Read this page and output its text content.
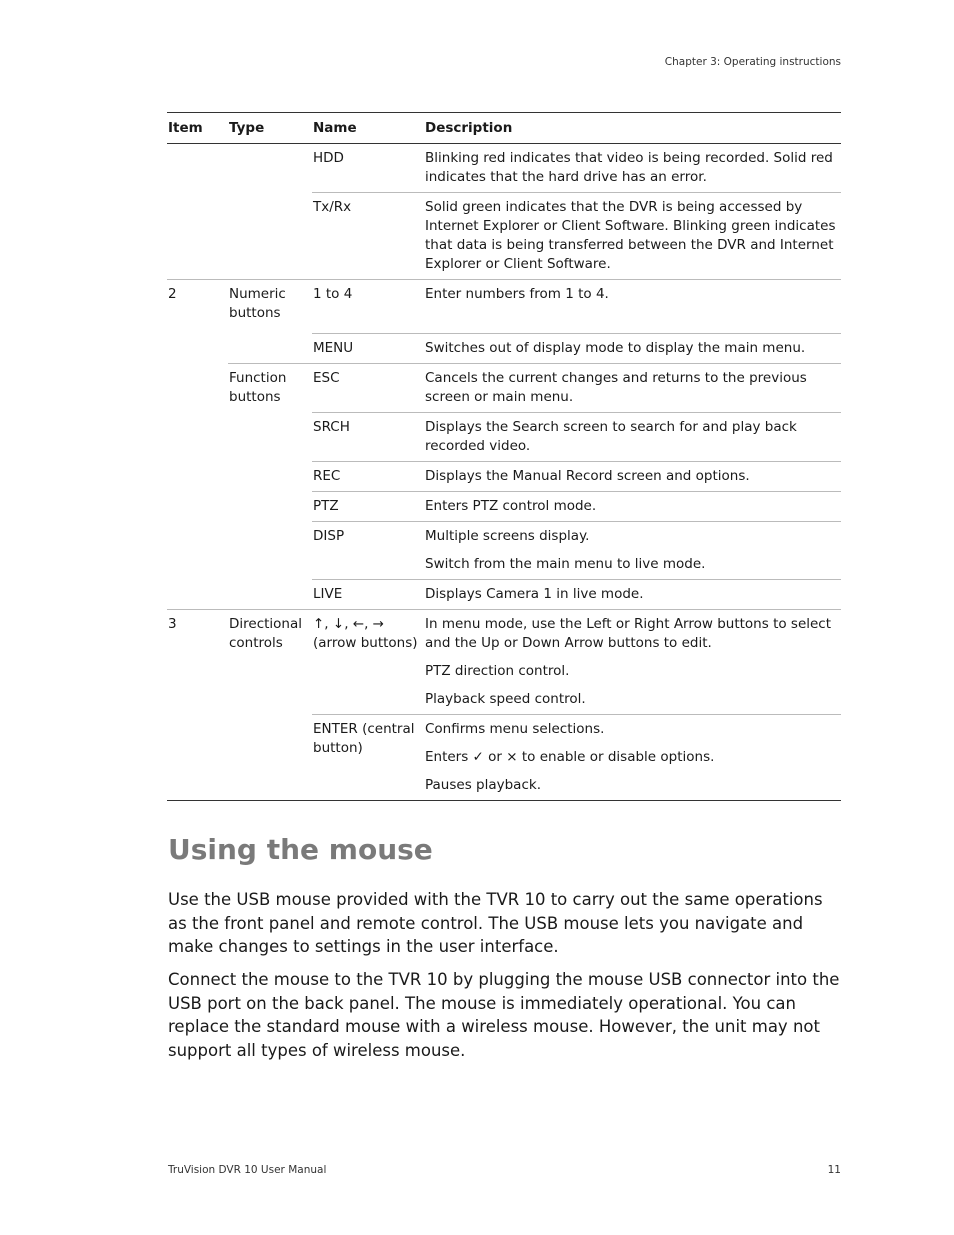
Chapter 3: Operating instructions
Item	Type	Name	Description
		HDD	Blinking red indicates that video is being recorded. Solid red indicates that the hard drive has an error.

		Tx/Rx	Solid green indicates that the DVR is being accessed by Internet Explorer or Client Software. Blinking green indicates that data is being transferred between the DVR and Internet Explorer or Client Software.

2	Numeric buttons	1 to 4	Enter numbers from 1 to 4.

		MENU	Switches out of display mode to display the main menu.

	Function buttons	ESC	Cancels the current changes and returns to the previous screen or main menu.

		SRCH	Displays the Search screen to search for and play back recorded video.

		REC	Displays the Manual Record screen and options.

		PTZ	Enters PTZ control mode.

		DISP	Multiple screens display.
Switch from the main menu to live mode.

		LIVE	Displays Camera 1 in live mode.

3	Directional controls	↑, ↓, ←, → (arrow buttons)	In menu mode, use the Left or Right Arrow buttons to select and the Up or Down Arrow buttons to edit.
PTZ direction control.
Playback speed control.

		ENTER (central button)	Confirms menu selections.
Enters ✓ or × to enable or disable options.
Pauses playback.
Using the mouse

Use the USB mouse provided with the TVR 10 to carry out the same operations as the front panel and remote control. The USB mouse lets you navigate and make changes to settings in the user interface.

Connect the mouse to the TVR 10 by plugging the mouse USB connector into the USB port on the back panel. The mouse is immediately operational. You can replace the standard mouse with a wireless mouse. However, the unit may not support all types of wireless mouse.

TruVision DVR 10 User Manual	11
